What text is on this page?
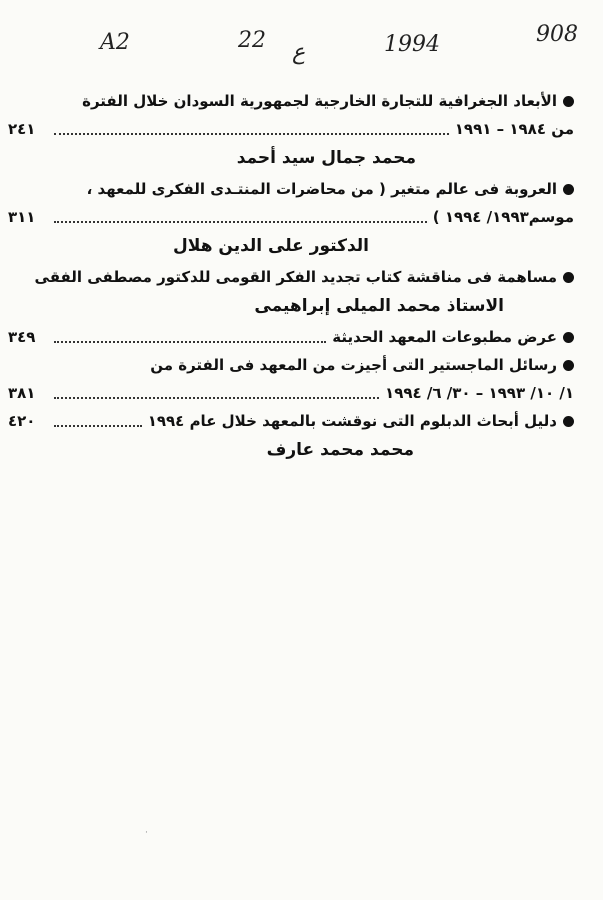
A2	22 ع	1994	908
الأبعاد الجغرافية للتجارة الخارجية لجمهورية السودان خلال الفترة
من ١٩٨٤ – ١٩٩١
٢٤١
محمد جمال سيد أحمد
العروبة فى عالم متغير ( من محاضرات المنتـدى الفكرى للمعهد ،
موسم١٩٩٣/ ١٩٩٤ )
٣١١
الدكتور على الدين هلال
مساهمة فى مناقشة كتاب تجديد الفكر القومى للدكتور مصطفى الفقى
الاستاذ محمد الميلى إبراهيمى
عرض مطبوعات المعهد الحديثة
٣٤٩
رسائل الماجستير التى أجيزت من المعهد فى الفترة من
١/ ١٠/ ١٩٩٣ – ٣٠/ ٦/ ١٩٩٤
٣٨١
دليل أبحاث الدبلوم التى نوقشت بالمعهد خلال عام ١٩٩٤
٤٢٠
محمد محمد عارف
·
